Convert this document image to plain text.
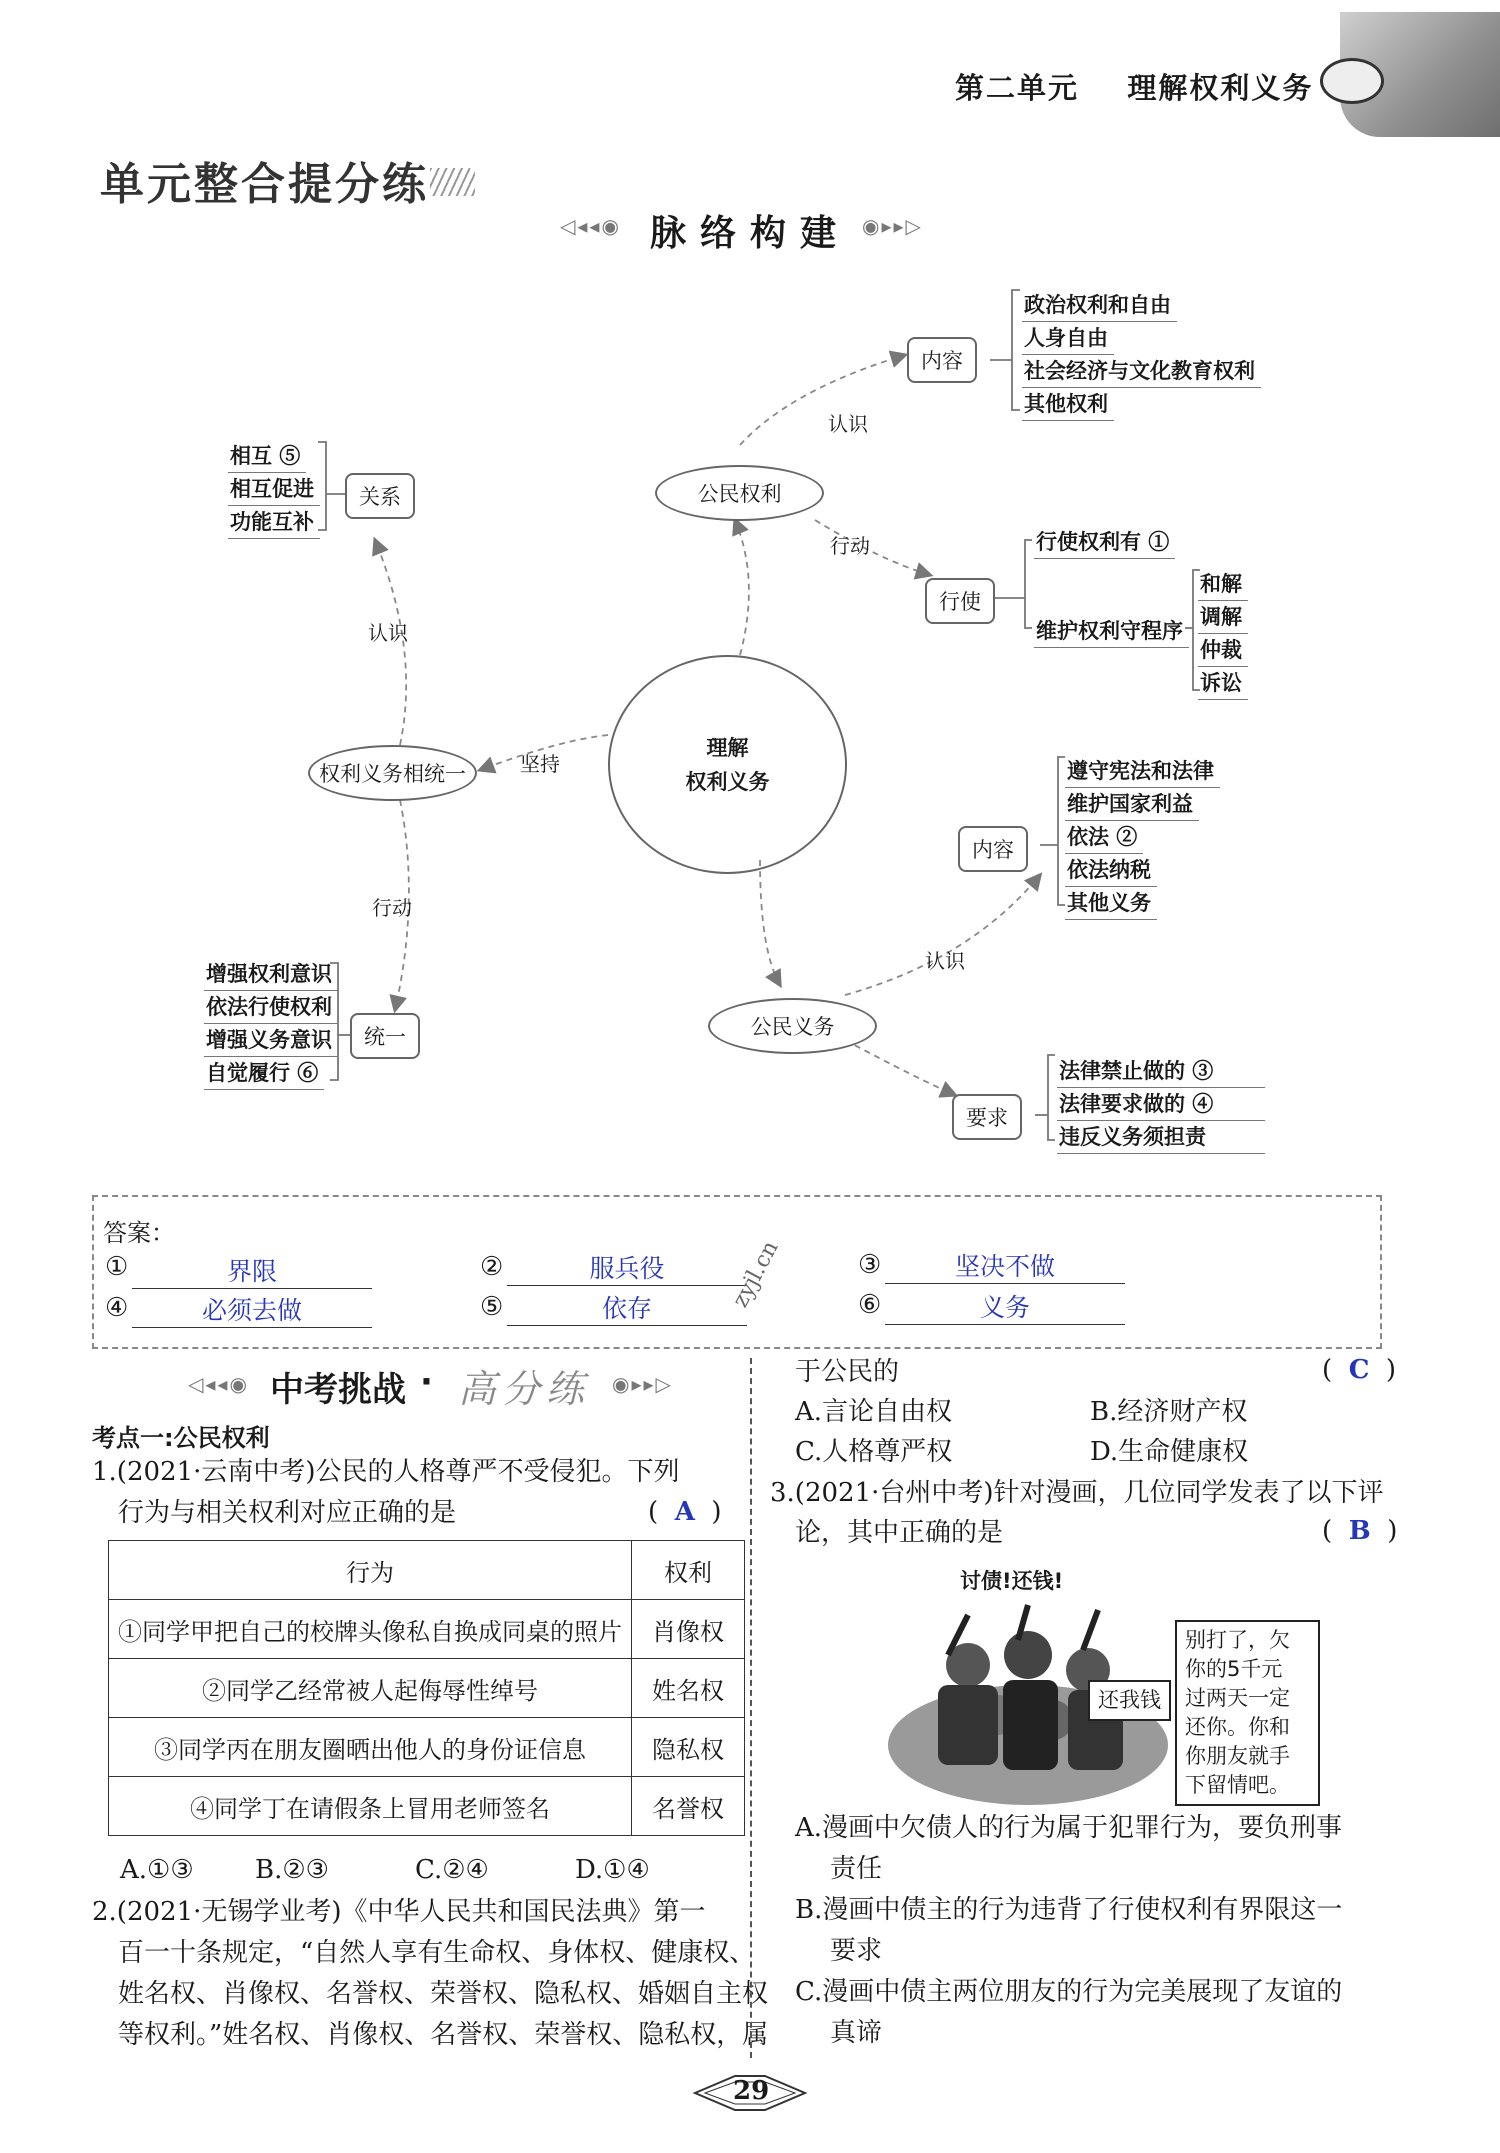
第二单元    理解权利义务
单元整合提分练
◁◂◂◉ 脉络构建 ◉▸▸▷
理解
权利义务
公民权利
公民义务
权利义务相统一
内容
行使
关系
统一
内容
要求
认识
行动
认识
行动
坚持
认识
政治权利和自由
人身自由
社会经济与文化教育权利
其他权利
行使权利有 ①
维护权利守程序
和解
调解
仲裁
诉讼
相互 ⑤
相互促进
功能互补
增强权利意识
依法行使权利
增强义务意识
自觉履行 ⑥
遵守宪法和法律
维护国家利益
依法 ②
依法纳税
其他义务
法律禁止做的 ③
法律要求做的 ④
违反义务须担责
答案：
①	界限	②	服兵役	③	坚决不做
④	必须去做	⑤	依存	⑥	义务
zyjl.cn
◁◂◂◉ 中考挑战 · 高分练 ◉▸▸▷
考点一:公民权利
1.(2021·云南中考)公民的人格尊严不受侵犯。下列
行为与相关权利对应正确的是	(  A  )
行为	权利
①同学甲把自己的校牌头像私自换成同桌的照片	肖像权
②同学乙经常被人起侮辱性绰号	姓名权
③同学丙在朋友圈晒出他人的身份证信息	隐私权
④同学丁在请假条上冒用老师签名	名誉权
A.①③ B.②③	C.②④	D.①④
2.(2021·无锡学业考)《中华人民共和国民法典》第一
百一十条规定，“自然人享有生命权、身体权、健康权、
姓名权、肖像权、名誉权、荣誉权、隐私权、婚姻自主权
等权利。”姓名权、肖像权、名誉权、荣誉权、隐私权，属
于公民的	(  C  )
A.言论自由权	B.经济财产权
C.人格尊严权	D.生命健康权
3.(2021·台州中考)针对漫画，几位同学发表了以下评
论，其中正确的是	(  B  )
讨债!还钱!
还我钱
别打了，欠
你的5千元
过两天一定
还你。你和
你朋友就手
下留情吧。
A.漫画中欠债人的行为属于犯罪行为，要负刑事
责任
B.漫画中债主的行为违背了行使权利有界限这一
要求
C.漫画中债主两位朋友的行为完美展现了友谊的
真谛
29
